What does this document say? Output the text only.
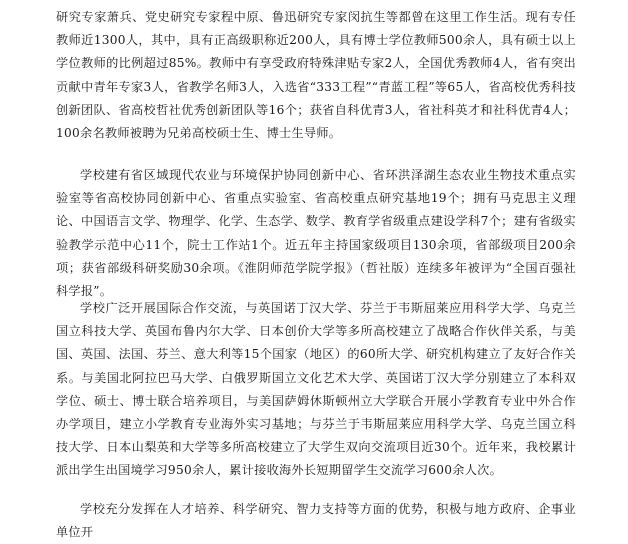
研究专家萧兵、党史研究专家程中原、鲁迅研究专家闵抗生等都曾在这里工作生活。现有专任教师近1300人，其中，具有正高级职称近200人，具有博士学位教师500余人，具有硕士以上学位教师的比例超过85%。教师中有享受政府特殊津贴专家2人，全国优秀教师4人，省有突出贡献中青年专家3人，省教学名师3人，入选省“333工程”“青蓝工程”等65人，省高校优秀科技创新团队、省高校哲社优秀创新团队等16个；获省自科优青3人，省社科英才和社科优青4人；100余名教师被聘为兄弟高校硕士生、博士生导师。

学校建有省区域现代农业与环境保护协同创新中心、省环洪泽湖生态农业生物技术重点实验室等省高校协同创新中心、省重点实验室、省高校重点研究基地19个；拥有马克思主义理论、中国语言文学、物理学、化学、生态学、数学、教育学省级重点建设学科7个；建有省级实验教学示范中心11个，院士工作站1个。近五年主持国家级项目130余项，省部级项目200余项；获省部级科研奖励30余项。《淮阴师范学院学报》（哲社版）连续多年被评为“全国百强社科学报”。

学校广泛开展国际合作交流，与英国诺丁汉大学、芬兰于韦斯屈莱应用科学大学、乌克兰国立科技大学、英国布鲁内尔大学、日本创价大学等多所高校建立了战略合作伙伴关系，与美国、英国、法国、芬兰、意大利等15个国家（地区）的60所大学、研究机构建立了友好合作关系。与美国北阿拉巴马大学、白俄罗斯国立文化艺术大学、英国诺丁汉大学分别建立了本科双学位、硕士、博士联合培养项目，与美国萨姆休斯顿州立大学联合开展小学教育专业中外合作办学项目，建立小学教育专业海外实习基地；与芬兰于韦斯屈莱应用科学大学、乌克兰国立科技大学、日本山梨英和大学等多所高校建立了大学生双向交流项目近30个。近年来，我校累计派出学生出国境学习950余人，累计接收海外长短期留学生交流学习600余人次。

学校充分发挥在人才培养、科学研究、智力支持等方面的优势，积极与地方政府、企事业单位开
